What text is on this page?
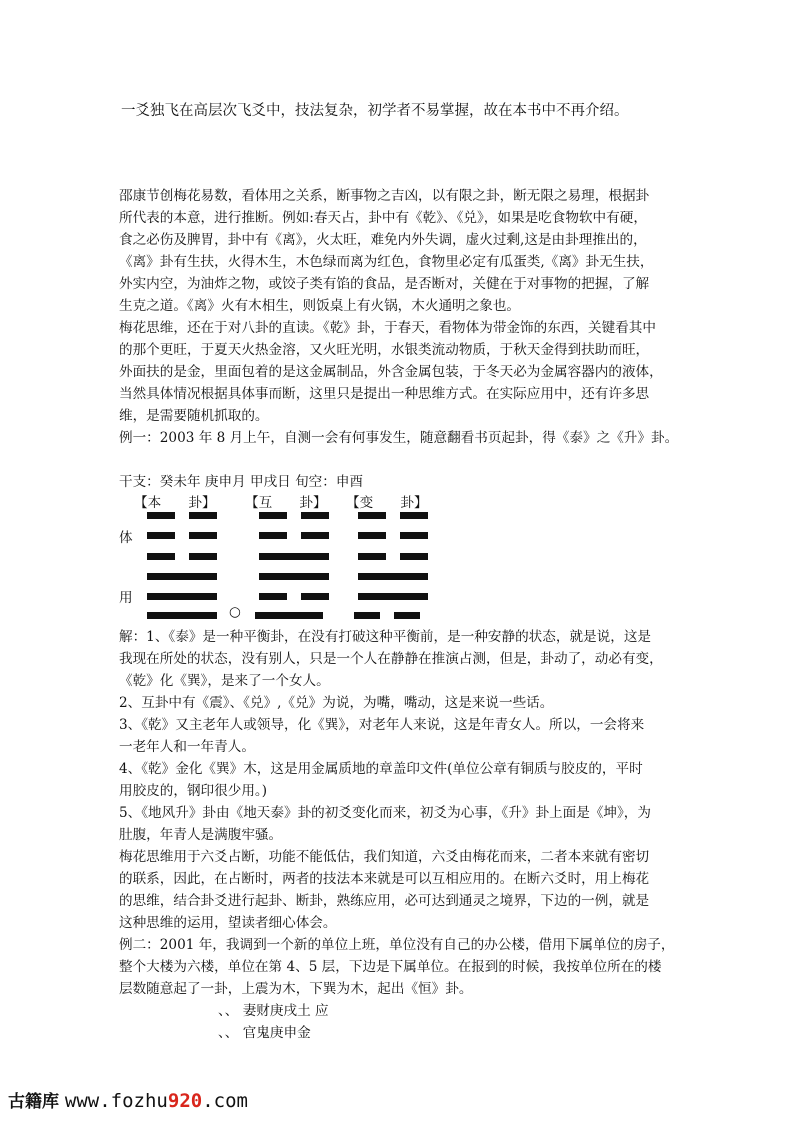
一爻独飞在高层次飞爻中，技法复杂，初学者不易掌握，故在本书中不再介绍。
邵康节创梅花易数，看体用之关系，断事物之吉凶，以有限之卦，断无限之易理，根据卦
所代表的本意，进行推断。例如:春天占，卦中有《乾》、《兑》，如果是吃食物软中有硬，
食之必伤及脾胃，卦中有《离》，火太旺，难免内外失调，虚火过剩,这是由卦理推出的，
《离》卦有生扶，火得木生，木色绿而离为红色，食物里必定有瓜蛋类,《离》卦无生扶，
外实内空，为油炸之物，或饺子类有馅的食品，是否断对，关健在于对事物的把握，了解
生克之道。《离》火有木相生，则饭桌上有火锅，木火通明之象也。
梅花思维，还在于对八卦的直读。《乾》卦，于春天，看物体为带金饰的东西，关键看其中
的那个更旺，于夏天火热金溶，又火旺光明，水银类流动物质，于秋天金得到扶助而旺，
外面扶的是金，里面包着的是这金属制品，外含金属包装，于冬天必为金属容器内的液体，
当然具体情况根据具体事而断，这里只是提出一种思维方式。在实际应用中，还有许多思
维，是需要随机抓取的。
例一：2003 年 8 月上午，自测一会有何事发生，随意翻看书页起卦，得《泰》之《升》卦。
干支：癸未年 庚申月 甲戌日 旬空：申酉
【本　　卦】 【互　　卦】 【变　　卦】
体
用
○
解：1、《泰》是一种平衡卦，在没有打破这种平衡前，是一种安静的状态，就是说，这是
我现在所处的状态，没有别人，只是一个人在静静在推演占测，但是，卦动了，动必有变，
《乾》化《巽》，是来了一个女人。
2、互卦中有《震》、《兑》,《兑》为说，为嘴，嘴动，这是来说一些话。
3、《乾》又主老年人或领导，化《巽》，对老年人来说，这是年青女人。所以，一会将来
一老年人和一年青人。
4、《乾》金化《巽》木，这是用金属质地的章盖印文件(单位公章有铜质与胶皮的，平时
用胶皮的，钢印很少用。)
5、《地风升》卦由《地天泰》卦的初爻变化而来，初爻为心事，《升》卦上面是《坤》，为
肚腹，年青人是满腹牢骚。
梅花思维用于六爻占断，功能不能低估，我们知道，六爻由梅花而来，二者本来就有密切
的联系，因此，在占断时，两者的技法本来就是可以互相应用的。在断六爻时，用上梅花
的思维，结合卦爻进行起卦、断卦，熟练应用，必可达到通灵之境界，下边的一例，就是
这种思维的运用，望读者细心体会。
例二：2001 年，我调到一个新的单位上班，单位没有自己的办公楼，借用下属单位的房子，
整个大楼为六楼，单位在第 4、5 层，下边是下属单位。在报到的时候，我按单位所在的楼
层数随意起了一卦，上震为木，下巽为木，起出《恒》卦。
、、 妻财庚戌土 应
、、 官鬼庚申金
古籍库 www.fozhu920.com
